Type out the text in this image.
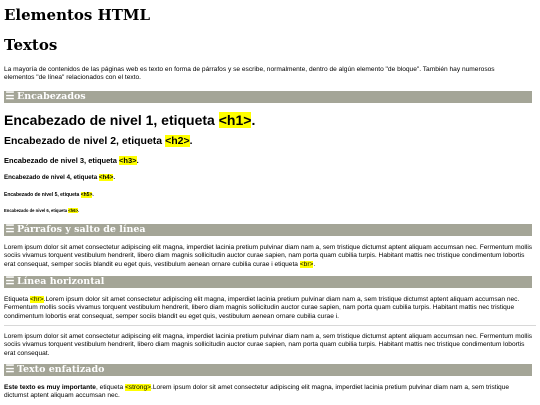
Elementos HTML
Textos

La mayoría de contenidos de las páginas web es texto en forma de párrafos y se escribe, normalmente, dentro de algún elemento "de bloque". También hay numerosos elementos "de línea" relacionados con el texto.

☰ Encabezados
Encabezado de nivel 1, etiqueta <h1>.
Encabezado de nivel 2, etiqueta <h2>.
Encabezado de nivel 3, etiqueta <h3>.
Encabezado de nivel 4, etiqueta <h4>.
Encabezado de nivel 5, etiqueta <h5>.
Encabezado de nivel 6, etiqueta <h6>.
☰ Párrafos y salto de línea

Lorem ipsum dolor sit amet consectetur adipiscing elit magna, imperdiet lacinia pretium pulvinar diam nam a, sem tristique dictumst aptent aliquam accumsan nec. Fermentum mollis sociis vivamus torquent vestibulum hendrerit, libero diam magnis sollicitudin auctor curae sapien, nam porta quam cubilia turpis. Habitant mattis nec tristique condimentum lobortis erat consequat, semper sociis blandit eu eget quis, vestibulum aenean ornare cubilia curae i etiqueta <br>.

☰ Línea horizontal

Etiqueta <hr>.Lorem ipsum dolor sit amet consectetur adipiscing elit magna, imperdiet lacinia pretium pulvinar diam nam a, sem tristique dictumst aptent aliquam accumsan nec. Fermentum mollis sociis vivamus torquent vestibulum hendrerit, libero diam magnis sollicitudin auctor curae sapien, nam porta quam cubilia turpis. Habitant mattis nec tristique condimentum lobortis erat consequat, semper sociis blandit eu eget quis, vestibulum aenean ornare cubilia curae i.

Lorem ipsum dolor sit amet consectetur adipiscing elit magna, imperdiet lacinia pretium pulvinar diam nam a, sem tristique dictumst aptent aliquam accumsan nec. Fermentum mollis sociis vivamus torquent vestibulum hendrerit, libero diam magnis sollicitudin auctor curae sapien, nam porta quam cubilia turpis. Habitant mattis nec tristique condimentum lobortis erat consequat.

☰ Texto enfatizado

Este texto es muy importante, etiqueta <strong>.Lorem ipsum dolor sit amet consectetur adipiscing elit magna, imperdiet lacinia pretium pulvinar diam nam a, sem tristique dictumst aptent aliquam accumsan nec.
